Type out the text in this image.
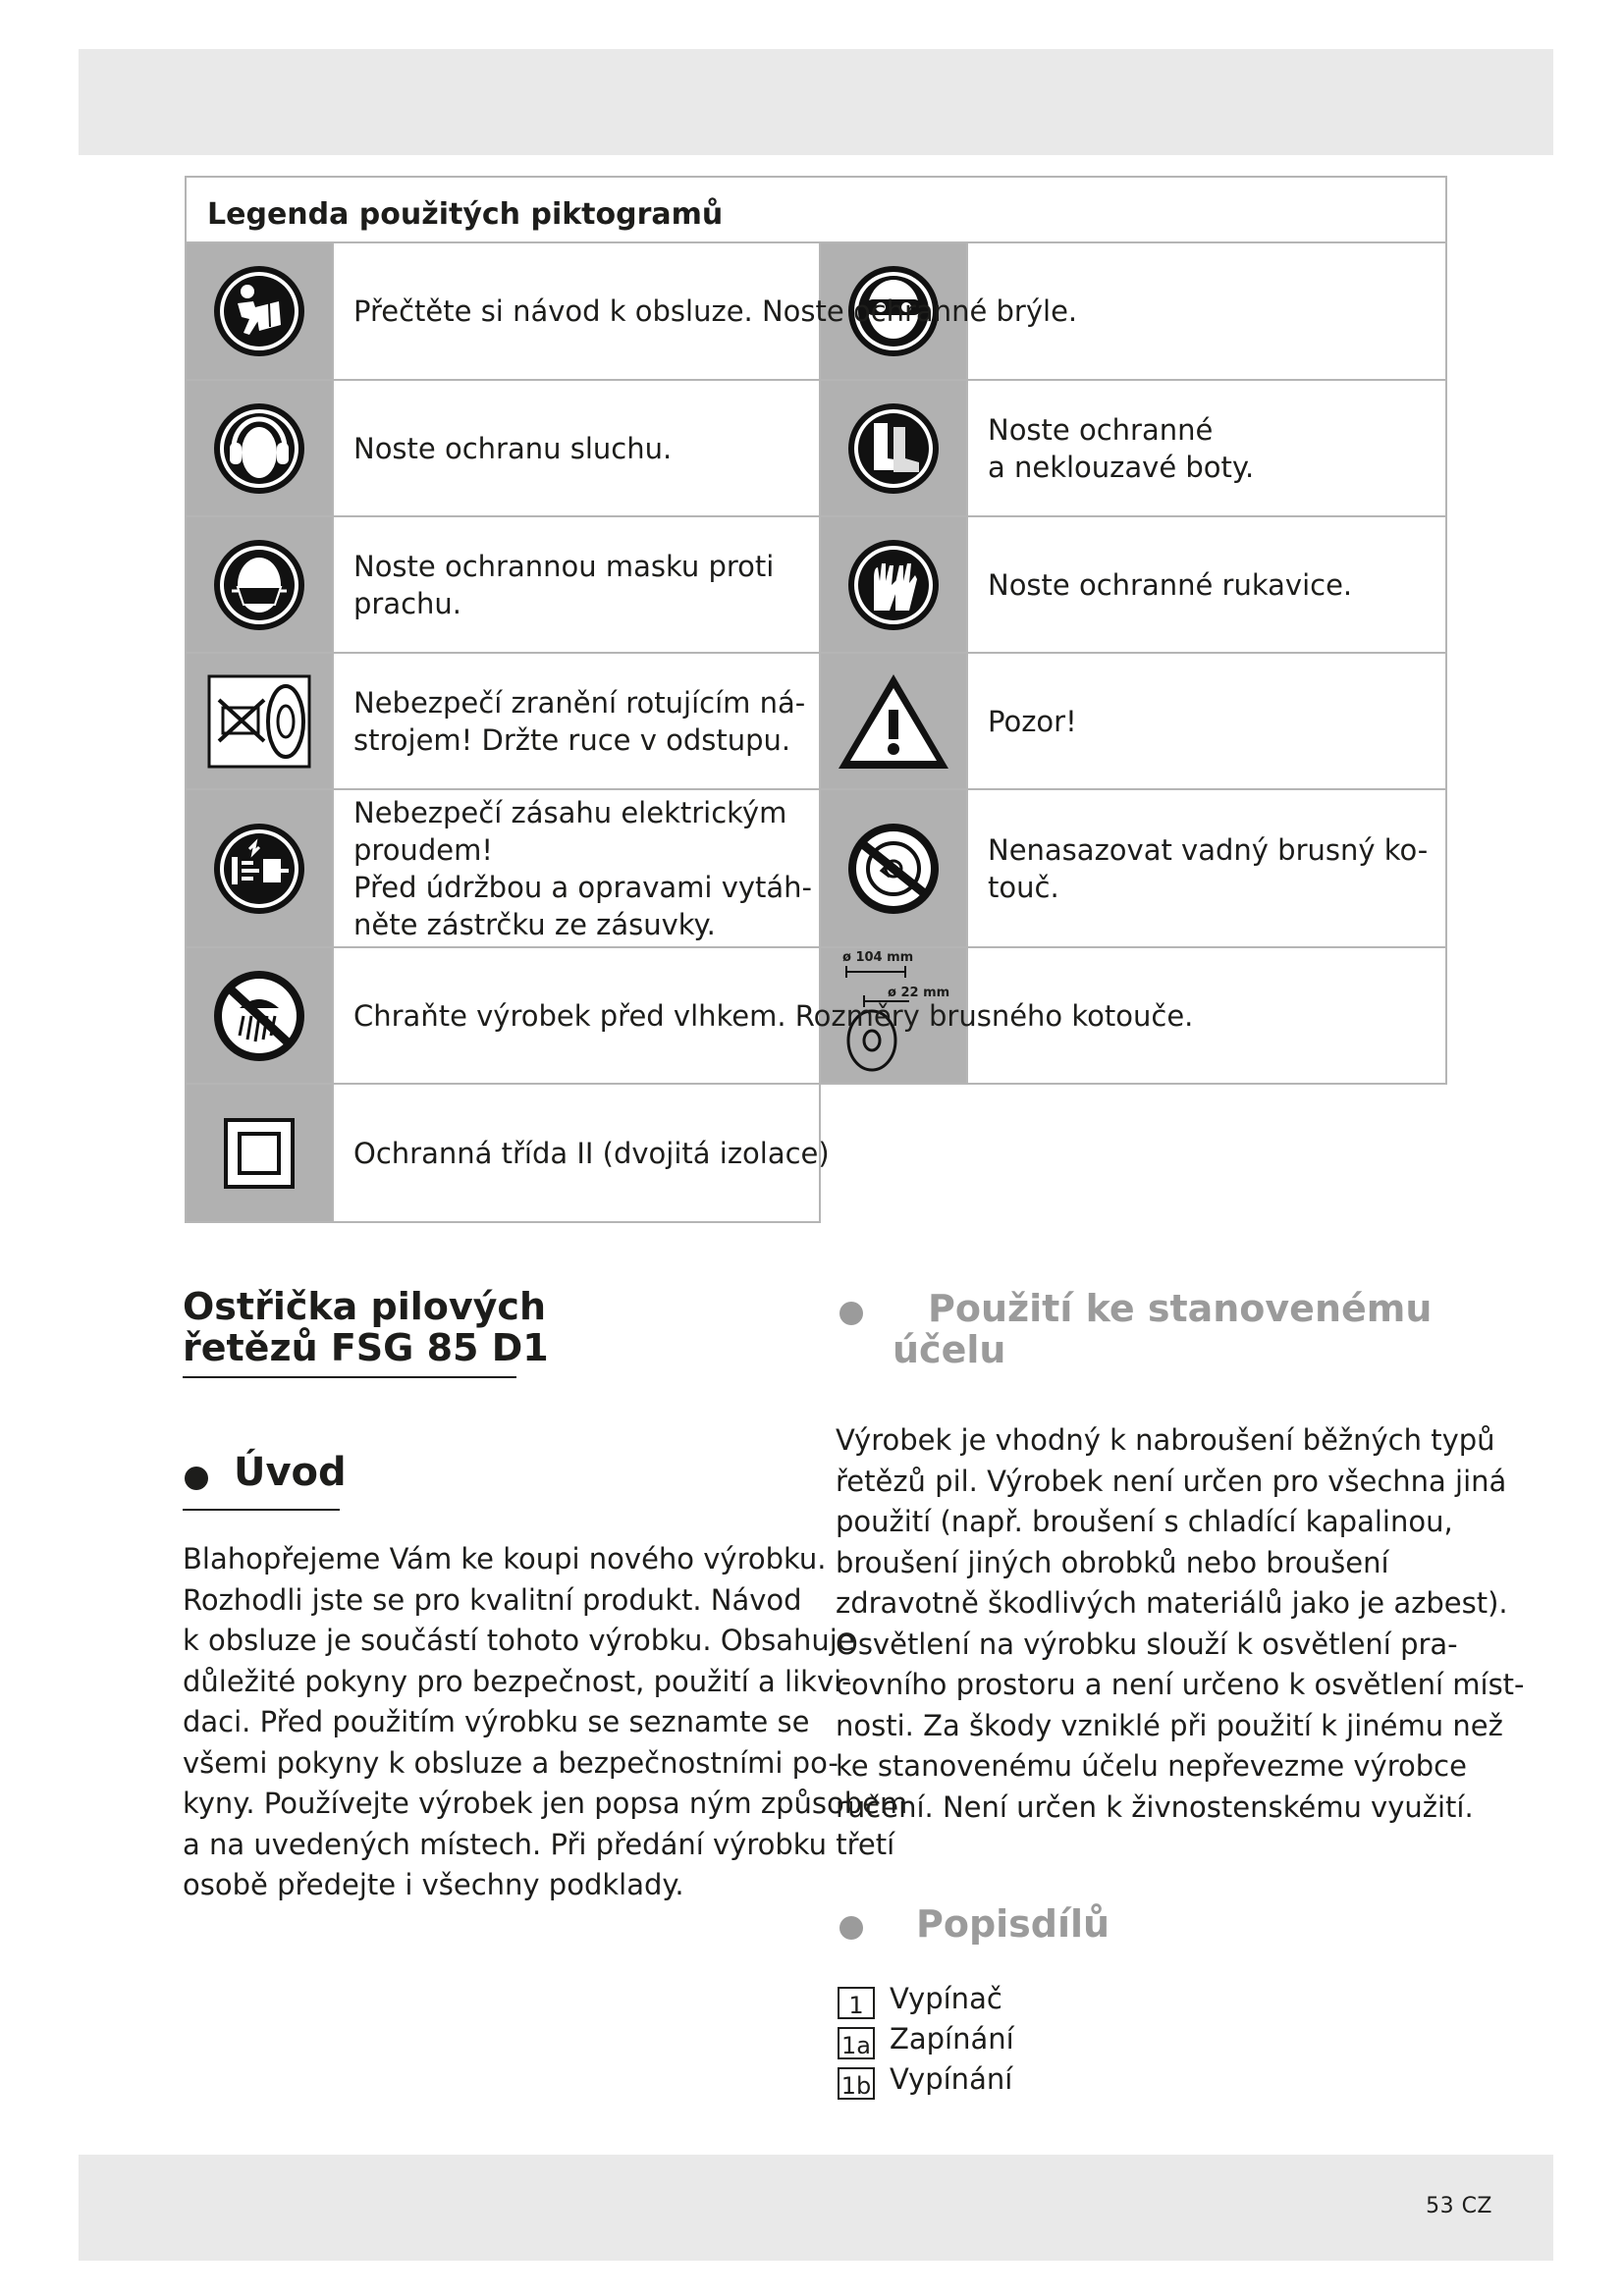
Legenda použitých piktogramů
Přečtěte si návod k obsluze. Noste ochranné brýle.
Noste ochranu sluchu.
Noste ochranné
a neklouzavé boty.
Noste ochrannou masku proti
prachu.
Noste ochranné rukavice.
Nebezpečí zranění rotujícím ná-
strojem! Držte ruce v odstupu.
Pozor!
Nebezpečí zásahu elektrickým
proudem!
Před údržbou a opravami vytáh-
něte zástrčku ze zásuvky.
Nenasazovat vadný brusný ko-
touč.
Chraňte výrobek před vlhkem. Rozměry brusného kotouče.
ø 104 mm
ø 22 mm
Ochranná třída II (dvojitá izolace)
Ostřička pilových
řetězů FSG 85 D1
Úvod
Blahopřejeme Vám ke koupi nového výrobku.
Rozhodli jste se pro kvalitní produkt. Návod
k obsluze je součástí tohoto výrobku. Obsahuje
důležité pokyny pro bezpečnost, použití a likvi-
daci. Před použitím výrobku se seznamte se
všemi pokyny k obsluze a bezpečnostními po-
kyny. Používejte výrobek jen popsa ným způsobem
a na uvedených místech. Při předání výrobku třetí
osobě předejte i všechny podklady.
Použití ke stanovenému
účelu
Výrobek je vhodný k nabroušení běžných typů
řetězů pil. Výrobek není určen pro všechna jiná
použití (např. broušení s chladící kapalinou,
broušení jiných obrobků nebo broušení
zdravotně škodlivých materiálů jako je azbest).
Osvětlení na výrobku slouží k osvětlení pra-
covního prostoru a není určeno k osvětlení míst-
nosti. Za škody vzniklé při použití k jinému než
ke stanovenému účelu nepřevezme výrobce
ručení. Není určen k živnostenskému využití.
Popisdílů
1 Vypínač
1a Zapínání
1b Vypínání
53 CZ
